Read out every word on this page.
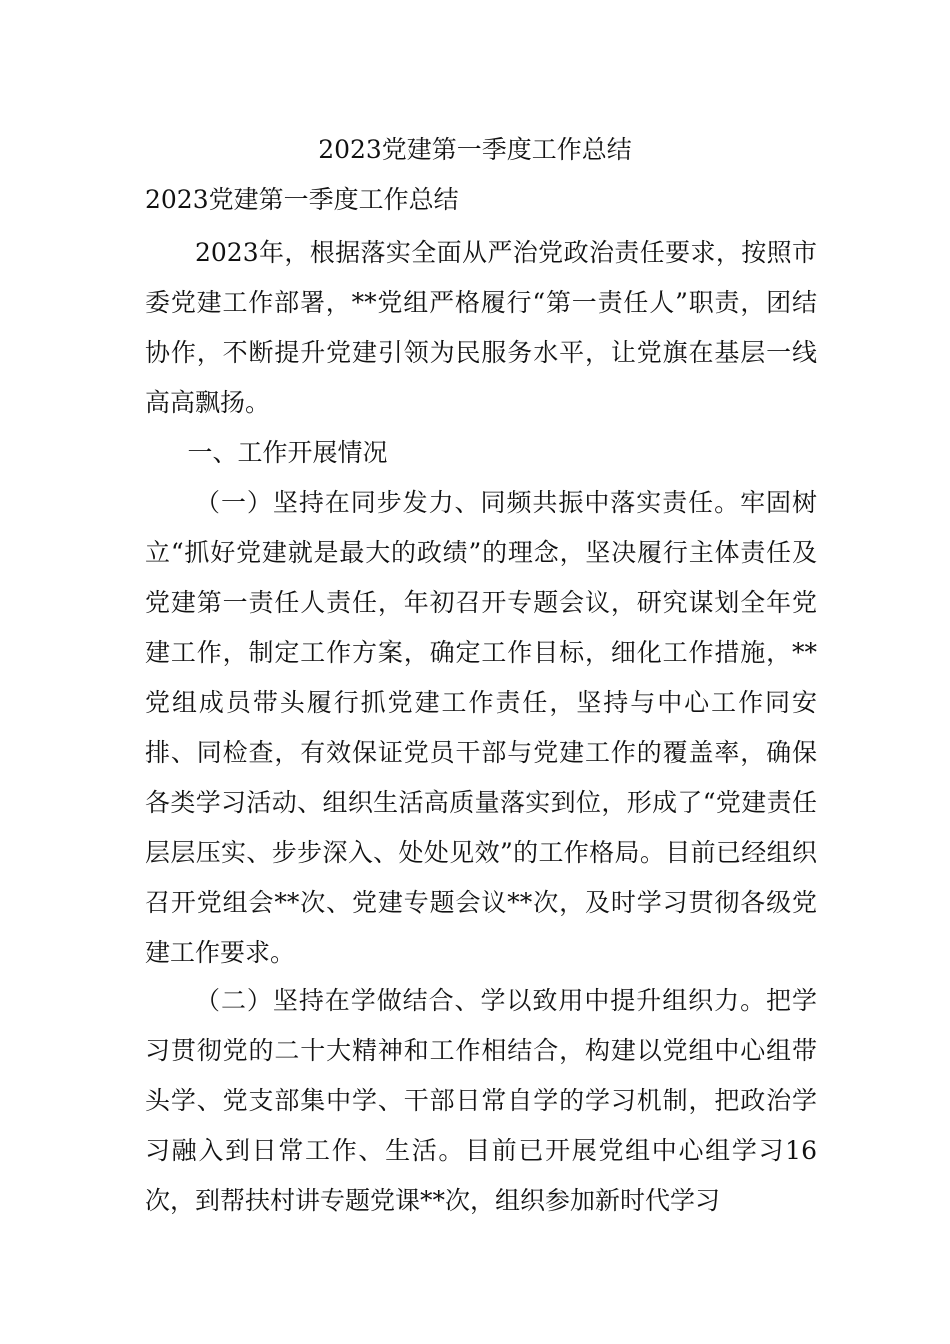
2023党建第一季度工作总结
2023党建第一季度工作总结

2023年，根据落实全面从严治党政治责任要求，按照市委党建工作部署，**党组严格履行“第一责任人”职责，团结协作，不断提升党建引领为民服务水平，让党旗在基层一线高高飘扬。

一、工作开展情况

（一）坚持在同步发力、同频共振中落实责任。牢固树立“抓好党建就是最大的政绩”的理念，坚决履行主体责任及党建第一责任人责任，年初召开专题会议，研究谋划全年党建工作，制定工作方案，确定工作目标，细化工作措施，**党组成员带头履行抓党建工作责任，坚持与中心工作同安排、同检查，有效保证党员干部与党建工作的覆盖率，确保各类学习活动、组织生活高质量落实到位，形成了“党建责任层层压实、步步深入、处处见效”的工作格局。目前已经组织召开党组会**次、党建专题会议**次，及时学习贯彻各级党建工作要求。

（二）坚持在学做结合、学以致用中提升组织力。把学习贯彻党的二十大精神和工作相结合，构建以党组中心组带头学、党支部集中学、干部日常自学的学习机制，把政治学习融入到日常工作、生活。目前已开展党组中心组学习16次，到帮扶村讲专题党课**次，组织参加新时代学习
